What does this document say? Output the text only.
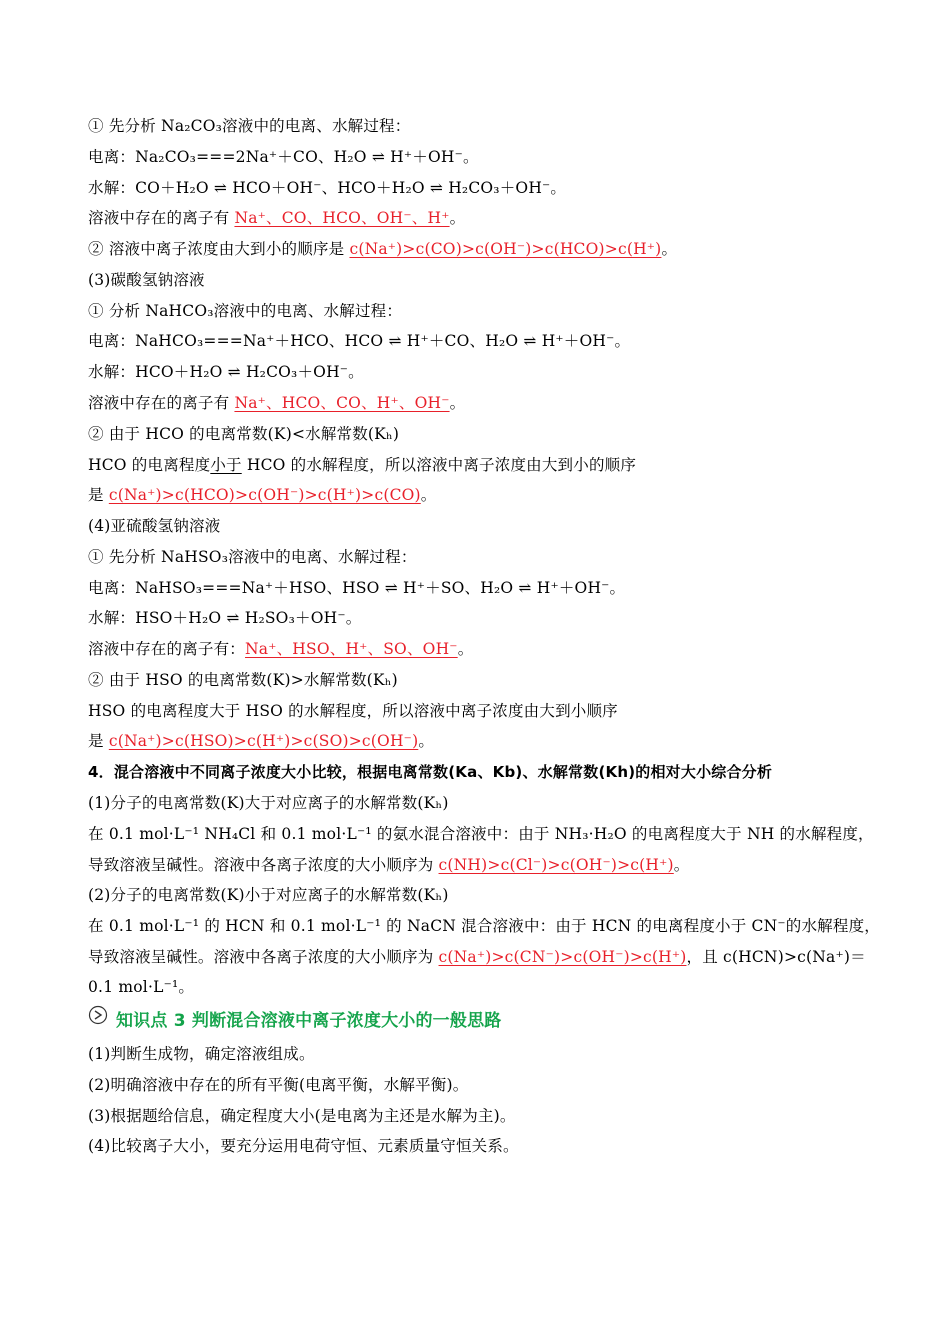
① 先分析 Na₂CO₃溶液中的电离、水解过程：
电离：Na₂CO₃===2Na⁺＋CO、H₂O ⇌ H⁺＋OH⁻。
水解：CO＋H₂O ⇌ HCO＋OH⁻、HCO＋H₂O ⇌ H₂CO₃＋OH⁻。
溶液中存在的离子有 Na⁺、CO、HCO、OH⁻、H⁺。
② 溶液中离子浓度由大到小的顺序是 c(Na⁺)>c(CO)>c(OH⁻)>c(HCO)>c(H⁺)。
(3)碳酸氢钠溶液
① 分析 NaHCO₃溶液中的电离、水解过程：
电离：NaHCO₃===Na⁺＋HCO、HCO ⇌ H⁺＋CO、H₂O ⇌ H⁺＋OH⁻。
水解：HCO＋H₂O ⇌ H₂CO₃＋OH⁻。
溶液中存在的离子有 Na⁺、HCO、CO、H⁺、OH⁻。
② 由于 HCO 的电离常数(K)<水解常数(Kₕ)
HCO 的电离程度小于 HCO 的水解程度，所以溶液中离子浓度由大到小的顺序
是 c(Na⁺)>c(HCO)>c(OH⁻)>c(H⁺)>c(CO)。
(4)亚硫酸氢钠溶液
① 先分析 NaHSO₃溶液中的电离、水解过程：
电离：NaHSO₃===Na⁺＋HSO、HSO ⇌ H⁺＋SO、H₂O ⇌ H⁺＋OH⁻。
水解：HSO＋H₂O ⇌ H₂SO₃＋OH⁻。
溶液中存在的离子有：Na⁺、HSO、H⁺、SO、OH⁻。
② 由于 HSO 的电离常数(K)>水解常数(Kₕ)
HSO 的电离程度大于 HSO 的水解程度，所以溶液中离子浓度由大到小顺序
是 c(Na⁺)>c(HSO)>c(H⁺)>c(SO)>c(OH⁻)。
4．混合溶液中不同离子浓度大小比较，根据电离常数(Ka、Kb)、水解常数(Kh)的相对大小综合分析
(1)分子的电离常数(K)大于对应离子的水解常数(Kₕ)
在 0.1 mol·L⁻¹ NH₄Cl 和 0.1 mol·L⁻¹ 的氨水混合溶液中：由于 NH₃·H₂O 的电离程度大于 NH 的水解程度，
导致溶液呈碱性。溶液中各离子浓度的大小顺序为 c(NH)>c(Cl⁻)>c(OH⁻)>c(H⁺)。
(2)分子的电离常数(K)小于对应离子的水解常数(Kₕ)
在 0.1 mol·L⁻¹ 的 HCN 和 0.1 mol·L⁻¹ 的 NaCN 混合溶液中：由于 HCN 的电离程度小于 CN⁻的水解程度，
导致溶液呈碱性。溶液中各离子浓度的大小顺序为 c(Na⁺)>c(CN⁻)>c(OH⁻)>c(H⁺)，且 c(HCN)>c(Na⁺)＝
0.1 mol·L⁻¹。
知识点 3 判断混合溶液中离子浓度大小的一般思路
(1)判断生成物，确定溶液组成。
(2)明确溶液中存在的所有平衡(电离平衡，水解平衡)。
(3)根据题给信息，确定程度大小(是电离为主还是水解为主)。
(4)比较离子大小，要充分运用电荷守恒、元素质量守恒关系。
